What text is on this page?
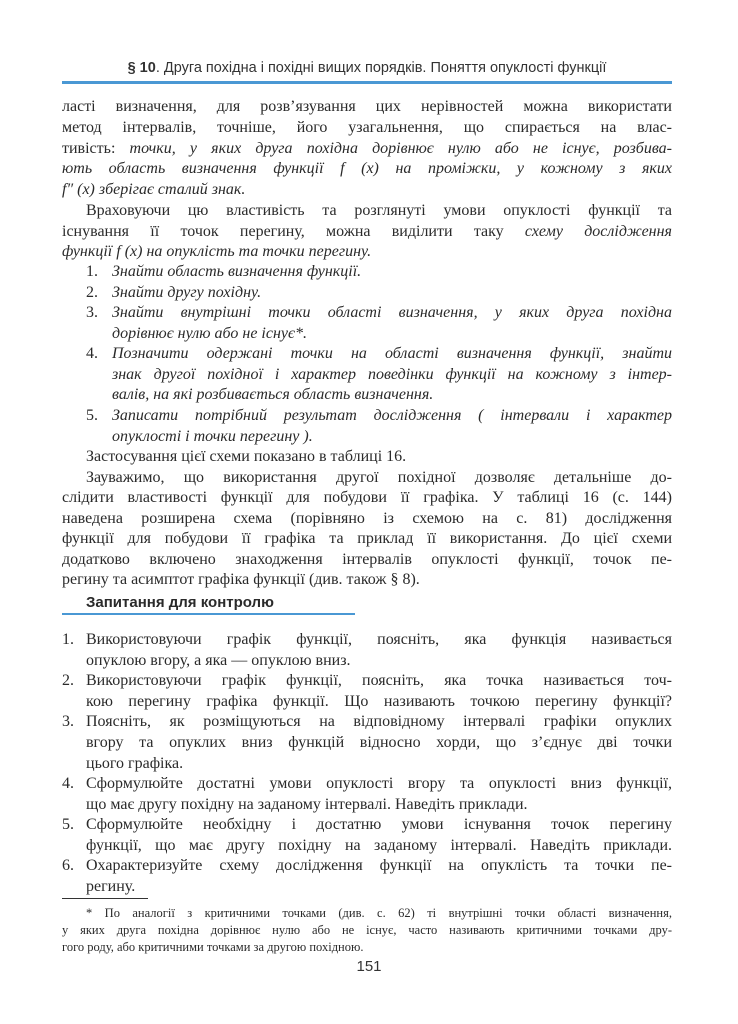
§ 10. Друга похідна і похідні вищих порядків. Поняття опуклості функції
ласті визначення, для розв’язування цих нерівностей можна використати
метод інтервалів, точніше, його узагальнення, що спирається на влас-
тивість: точки, у яких друга похідна дорівнює нулю або не існує, розбива-
ють область визначення функції f (x) на проміжки, у кожному з яких
f″ (x) зберігає сталий знак.
Враховуючи цю властивість та розглянуті умови опуклості функції та
існування її точок перегину, можна виділити таку схему дослідження
функції f (x) на опуклість та точки перегину.
1. Знайти область визначення функції.
2. Знайти другу похідну.
3. Знайти внутрішні точки області визначення, у яких друга похідна
дорівнює нулю або не існує*.
4. Позначити одержані точки на області визначення функції, знайти
знак другої похідної і характер поведінки функції на кожному з інтер-
валів, на які розбивається область визначення.
5. Записати потрібний результат дослідження ( інтервали і характер
опуклості і точки перегину ).
Застосування цієї схеми показано в таблиці 16.
Зауважимо, що використання другої похідної дозволяє детальніше до-
слідити властивості функції для побудови її графіка. У таблиці 16 (с. 144)
наведена розширена схема (порівняно із схемою на с. 81) дослідження
функції для побудови її графіка та приклад її використання. До цієї схеми
додатково включено знаходження інтервалів опуклості функції, точок пе-
регину та асимптот графіка функції (див. також § 8).
Запитання для контролю
1. Використовуючи графік функції, поясніть, яка функція називається
опуклою вгору, а яка — опуклою вниз.
2. Використовуючи графік функції, поясніть, яка точка називається точ-
кою перегину графіка функції. Що називають точкою перегину функції?
3. Поясніть, як розміщуються на відповідному інтервалі графіки опуклих
вгору та опуклих вниз функцій відносно хорди, що з’єднує дві точки
цього графіка.
4. Сформулюйте достатні умови опуклості вгору та опуклості вниз функції,
що має другу похідну на заданому інтервалі. Наведіть приклади.
5. Сформулюйте необхідну і достатню умови існування точок перегину
функції, що має другу похідну на заданому інтервалі. Наведіть приклади.
6. Охарактеризуйте схему дослідження функції на опуклість та точки пе-
регину.
* По аналогії з критичними точками (див. с. 62) ті внутрішні точки області визначення,
у яких друга похідна дорівнює нулю або не існує, часто називають критичними точками дру-
гого роду, або критичними точками за другою похідною.
151
